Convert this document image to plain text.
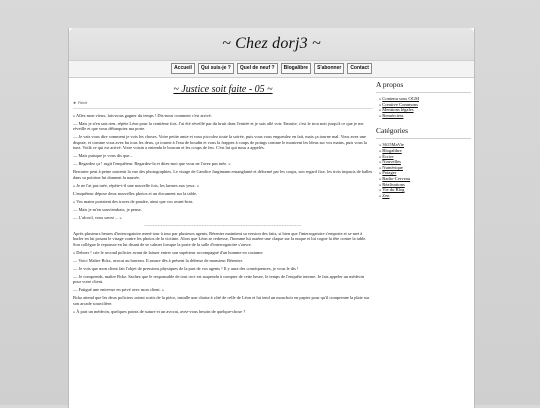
~ Chez dorj3 ~
Accueil	Qui suis-je ?	Quel de neuf ?	Blogalibre	S'abonner	Contact
~ Justice soit faite - 05 ~
► Récit

« Allez mon vieux, fais-nous gagner du temps ! Dis-nous comment c'est arrivé.

— Mais je n'en sais rien, répète Léon pour la centième fois. J'ai été réveillé par du bruit dans l'entrée et je suis allé voir. Ensuite, c'est le trou noir jusqu'à ce que je me réveille et que vous débarquiez ma porte.

— Je vais vous dire comment je vois les choses. Votre petite amie et vous piccolez toute la soirée, puis vous vous engueulez en fait, mais ça tourne mal. Vous avez une dispute, et comme vous avez bu tous les deux, ça tourne à l'eau de boudin et vous la frappez à coups de poings comme le montrent les bleus sur vos mains, puis vous la tuez. Voilà ce qui est arrivé. Votre voisin a entendu le boucan et les coups de feu. C'est lui qui nous a appelés.

— Mais puisque je vous dis que...

— Regardez ça ! rugit l'enquêteur. Regardez-la et dites-moi que vous ne l'avez pas tuée. »

Berrarier peut à peine soutenir la vue des photographies. Le visage de Candice Jurgimann ensanglanté et déformé par les coups, son regard fixe, les trois impacts de balles dans sa poitrine lui donnent la nausée.

« Je ne l'ai pas tuée, répète-t-il une nouvelle fois, les larmes aux yeux. »

L'enquêteur dépose deux nouvelles photos et un document sur la table.

« Vos mains portaient des traces de poudre, ainsi que vos avant-bras.

— Mais je m'en souviendrais, je pense.

— L'alcool, vous savez ... »

------------------------------------------------------------------------------------------------

Après plusieurs heures d'interrogatoire mené tour à tour par plusieurs agents, Bérenier maintient sa version des faits, si bien que l'interrogatoire s'emporte et se met à hurler en lui posant le visage contre les photos de la victime. Alors que Léon se redresse, l'homme lui assène une claque sur la nuque et lui cogne la tête contre la table. Son collègue le repousse en lui disant de se calmer lorsque la porte de la salle d'interrogatoire s'ouvre.

« Deboer ! crie le second policier avant de laisser entrer son supérieur accompagné d'un homme en costume.

— Voici Maître Bckz, avocat au barreau. Il assure dès à présent la défense de monsieur Bérenier.

— Je vois que mon client fait l'objet de pressions physiques de la part de vos agents ! Il y aura des conséquences, je vous le dis !

— Je comprends, maître Bckz. Sachez que le responsable de tout ceci est suspendu à compter de cette heure, le temps de l'enquête interne. Je fais appeler un médecin pour votre client.

— Fatigué une entrevue en privé avec mon client. »

Bckz attend que les deux policiers soient sortis de la pièce, installe une chaise à côté de celle de Léon et lui tend un mouchoir en papier pour qu'il comprenne la plaie sur son arcade sourcilière.

« À part un médecin, quelques points de suture et un avocat, avez-vous besoin de quelque-chose ?

A propos
»Contenu sous OGM
»Creative Commons
»Mentions légales
»Remérciess
Catégories
»3615MaVie
»Blogalibre
»Écrire
»Nouvelles
»Numérique
»Potager
»Radio-Cerveau
»Réalisations
»Vie du Blog
»Zen
